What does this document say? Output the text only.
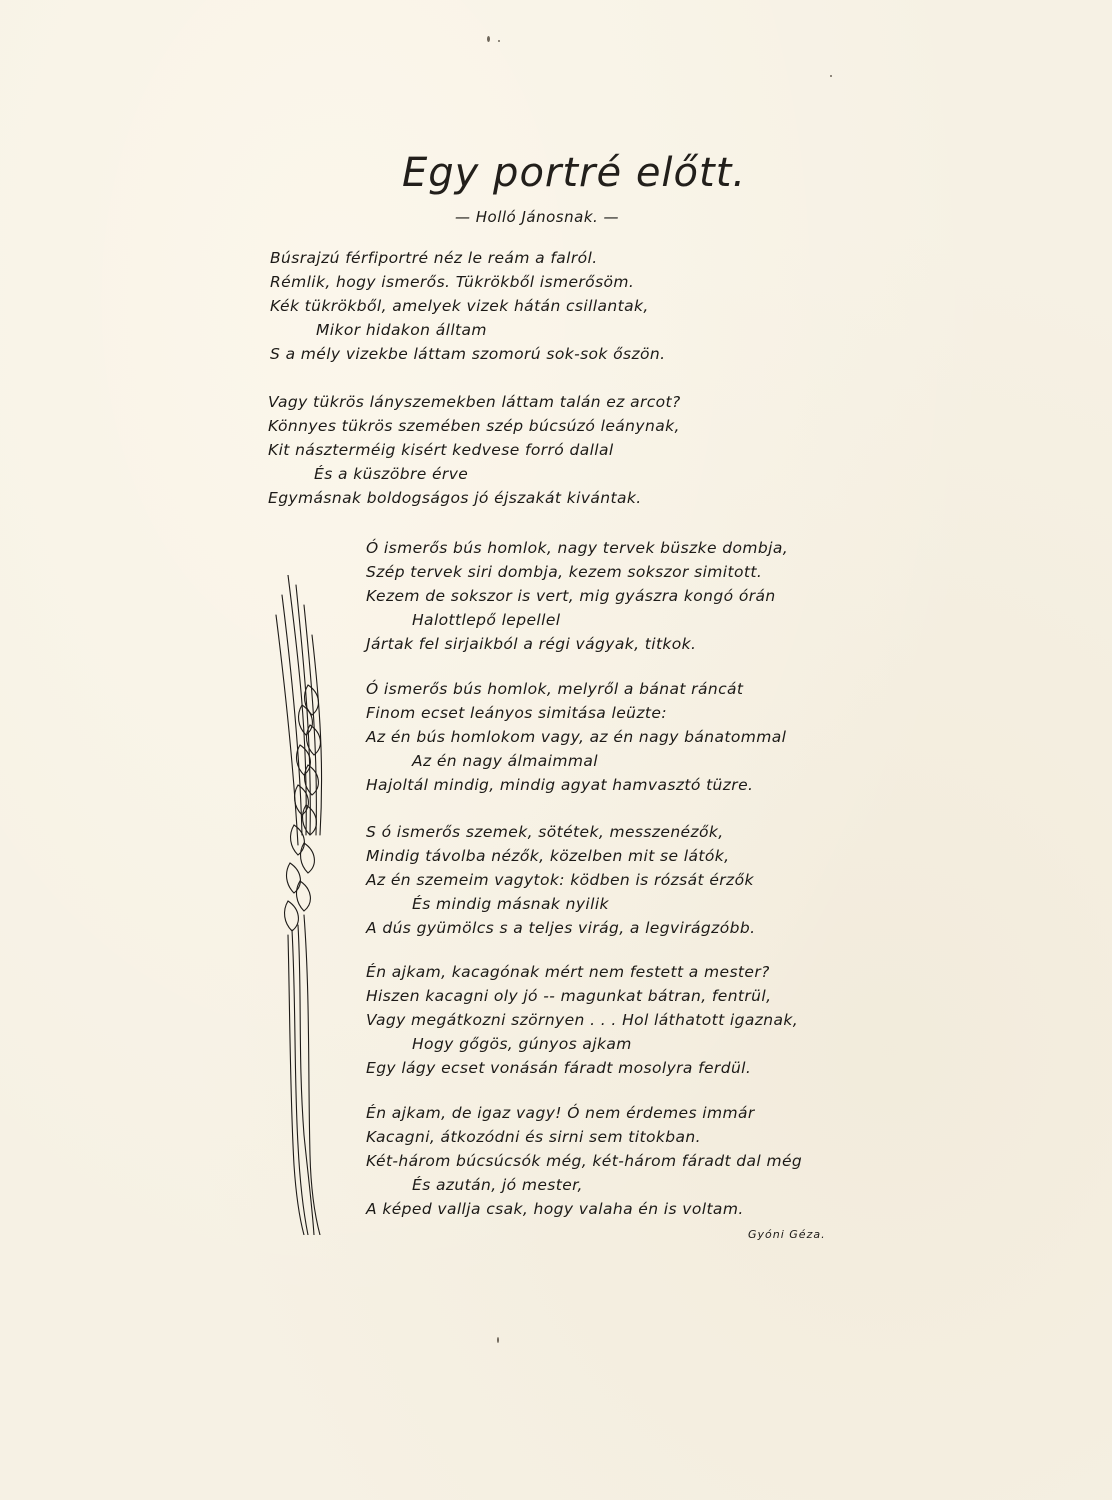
Egy portré előtt.
— Holló Jánosnak. —
Búsrajzú férfiportré néz le reám a falról.
Rémlik, hogy ismerős. Tükrökből ismerősöm.
Kék tükrökből, amelyek vizek hátán csillantak,
Mikor hidakon álltam
S a mély vizekbe láttam szomorú sok-sok őszön.
Vagy tükrös lányszemekben láttam talán ez arcot?
Könnyes tükrös szemében szép búcsúzó leánynak,
Kit nászterméig kisért kedvese forró dallal
És a küszöbre érve
Egymásnak boldogságos jó éjszakát kivántak.
Ó ismerős bús homlok, nagy tervek büszke dombja,
Szép tervek siri dombja, kezem sokszor simitott.
Kezem de sokszor is vert, mig gyászra kongó órán
Halottlepő lepellel
Jártak fel sirjaikból a régi vágyak, titkok.
Ó ismerős bús homlok, melyről a bánat ráncát
Finom ecset leányos simitása leüzte:
Az én bús homlokom vagy, az én nagy bánatommal
Az én nagy álmaimmal
Hajoltál mindig, mindig agyat hamvasztó tüzre.
S ó ismerős szemek, sötétek, messzenézők,
Mindig távolba nézők, közelben mit se látók,
Az én szemeim vagytok: ködben is rózsát érzők
És mindig másnak nyilik
A dús gyümölcs s a teljes virág, a legvirágzóbb.
Én ajkam, kacagónak mért nem festett a mester?
Hiszen kacagni oly jó -- magunkat bátran, fentrül,
Vagy megátkozni szörnyen . . . Hol láthatott igaznak,
Hogy gőgös, gúnyos ajkam
Egy lágy ecset vonásán fáradt mosolyra ferdül.
Én ajkam, de igaz vagy! Ó nem érdemes immár
Kacagni, átkozódni és sirni sem titokban.
Két-három búcsúcsók még, két-három fáradt dal még
És azután, jó mester,
A képed vallja csak, hogy valaha én is voltam.
Gyóni Géza.
